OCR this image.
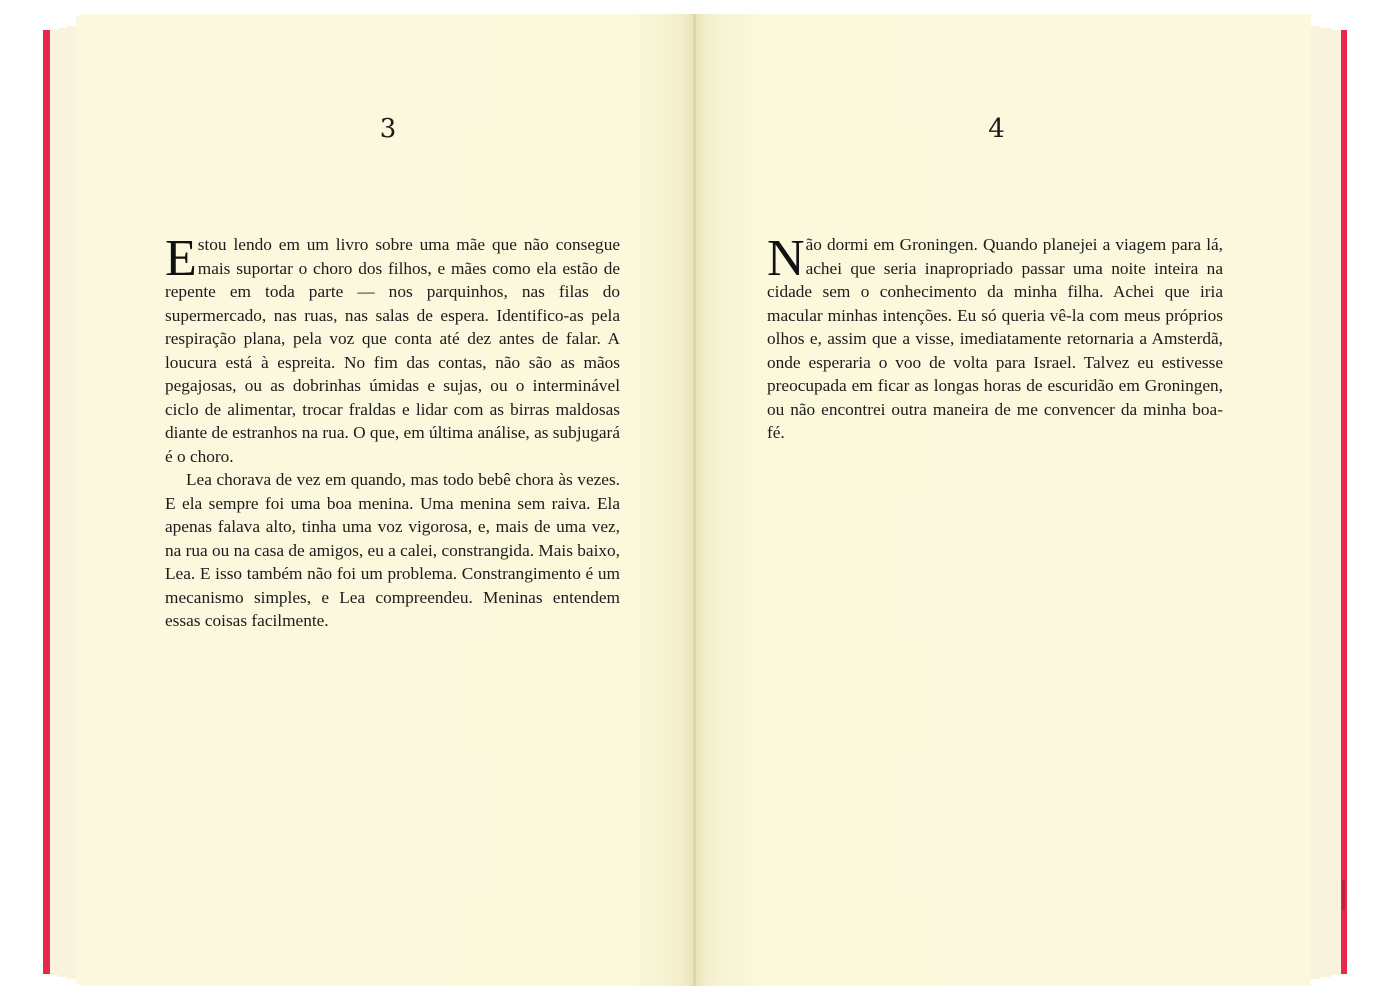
3

Estou lendo em um livro sobre uma mãe que não consegue mais suportar o choro dos filhos, e mães como ela estão de repente em toda parte — nos parquinhos, nas filas do supermercado, nas ruas, nas salas de espera. Identifico-as pela respiração plana, pela voz que conta até dez antes de falar. A loucura está à espreita. No fim das contas, não são as mãos pegajosas, ou as dobrinhas úmidas e sujas, ou o interminável ciclo de alimentar, trocar fraldas e lidar com as birras maldosas diante de estranhos na rua. O que, em última análise, as subjugará é o choro.

Lea chorava de vez em quando, mas todo bebê chora às vezes. E ela sempre foi uma boa menina. Uma menina sem raiva. Ela apenas falava alto, tinha uma voz vigorosa, e, mais de uma vez, na rua ou na casa de amigos, eu a calei, constrangida. Mais baixo, Lea. E isso também não foi um problema. Constrangimento é um mecanismo simples, e Lea compreendeu. Meninas entendem essas coisas facilmente.

4

Não dormi em Groningen. Quando planejei a viagem para lá, achei que seria inapropriado passar uma noite inteira na cidade sem o conhecimento da minha filha. Achei que iria macular minhas intenções. Eu só queria vê-la com meus próprios olhos e, assim que a visse, imediatamente retornaria a Amsterdã, onde esperaria o voo de volta para Israel. Talvez eu estivesse preocupada em ficar as longas horas de escuridão em Groningen, ou não encontrei outra maneira de me convencer da minha boa-fé.
